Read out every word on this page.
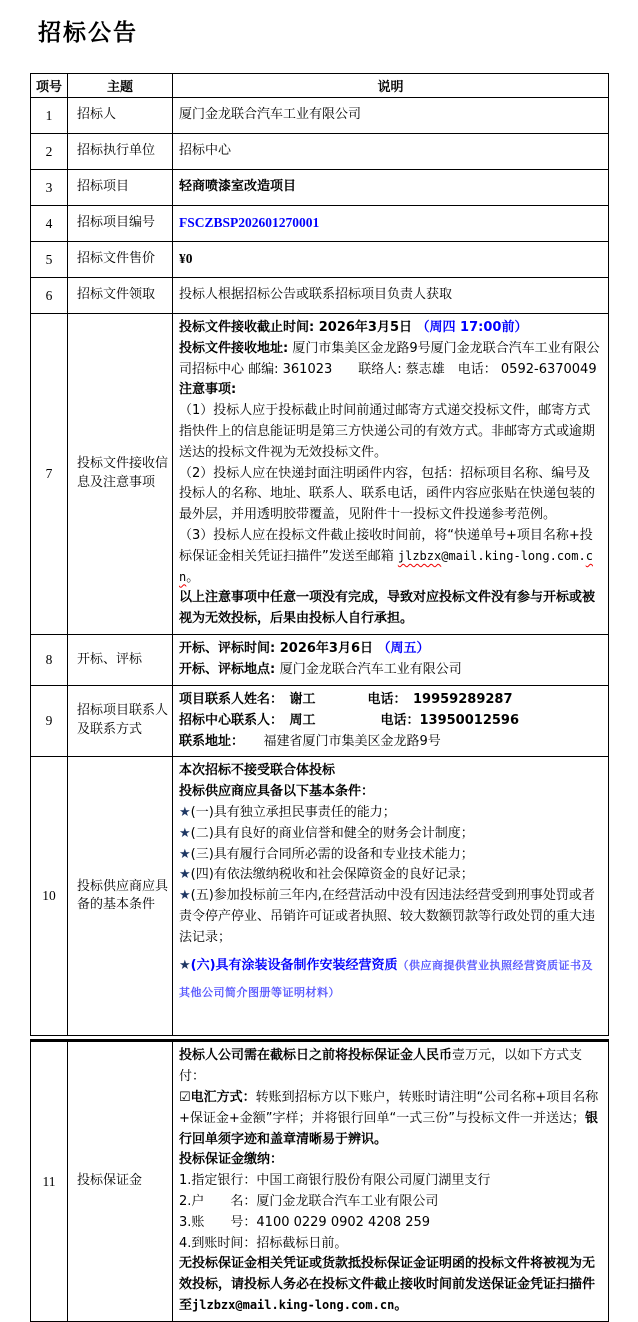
招标公告
项号	主题	说明
1	招标人	厦门金龙联合汽车工业有限公司

2	招标执行单位	招标中心

3	招标项目	轻商喷漆室改造项目

4	招标项目编号	FSCZBSP202601270001

5	招标文件售价	¥0

6	招标文件领取	投标人根据招标公告或联系招标项目负责人获取

7	投标文件接收信息及注意事项	
投标文件接收截止时间: 2026年3月5日 （周四 17:00前）
投标文件接收地址: 厦门市集美区金龙路9号厦门金龙联合汽车工业有限公司招标中心 邮编: 361023　　联络人: 蔡志雄　电话： 0592-6370049
注意事项:
（1）投标人应于投标截止时间前通过邮寄方式递交投标文件，邮寄方式指快件上的信息能证明是第三方快递公司的有效方式。非邮寄方式或逾期送达的投标文件视为无效投标文件。
（2）投标人应在快递封面注明函件内容，包括：招标项目名称、编号及投标人的名称、地址、联系人、联系电话，函件内容应张贴在快递包装的最外层，并用透明胶带覆盖，见附件十一投标文件投递参考范例。
（3）投标人应在投标文件截止接收时间前，将“快递单号+项目名称+投标保证金相关凭证扫描件”发送至邮箱 jlzbzx@mail.king-long.com.cn。
以上注意事项中任意一项没有完成，导致对应投标文件没有参与开标或被视为无效投标，后果由投标人自行承担。

8	开标、评标	开标、评标时间: 2026年3月6日 （周五）
开标、评标地点: 厦门金龙联合汽车工业有限公司

9	招标项目联系人及联系方式	项目联系人姓名：　谢工　　　　电话：　19959289287
招标中心联系人：　周工　　　　　电话：13950012596
联系地址：　　福建省厦门市集美区金龙路9号

10	投标供应商应具备的基本条件	
本次招标不接受联合体投标
投标供应商应具备以下基本条件：
★(一)具有独立承担民事责任的能力；
★(二)具有良好的商业信誉和健全的财务会计制度；
★(三)具有履行合同所必需的设备和专业技术能力；
★(四)有依法缴纳税收和社会保障资金的良好记录；
★(五)参加投标前三年内,在经营活动中没有因违法经营受到刑事处罚或者责令停产停业、吊销许可证或者执照、较大数额罚款等行政处罚的重大违法记录；
★(六)具有涂装设备制作安装经营资质（供应商提供营业执照经营资质证书及其他公司简介图册等证明材料）
11	投标保证金	
投标人公司需在截标日之前将投标保证金人民币壹万元，以如下方式支付：
☑电汇方式：转账到招标方以下账户，转账时请注明“公司名称+项目名称+保证金+金额”字样；并将银行回单“一式三份”与投标文件一并送达；银行回单须字迹和盖章清晰易于辨识。
投标保证金缴纳：
1.指定银行：中国工商银行股份有限公司厦门湖里支行
2.户　　名：厦门金龙联合汽车工业有限公司
3.账　　号：4100 0229 0902 4208 259
4.到账时间：招标截标日前。
无投标保证金相关凭证或货款抵投标保证金证明函的投标文件将被视为无效投标，请投标人务必在投标文件截止接收时间前发送保证金凭证扫描件至jlzbzx@mail.king-long.com.cn。
